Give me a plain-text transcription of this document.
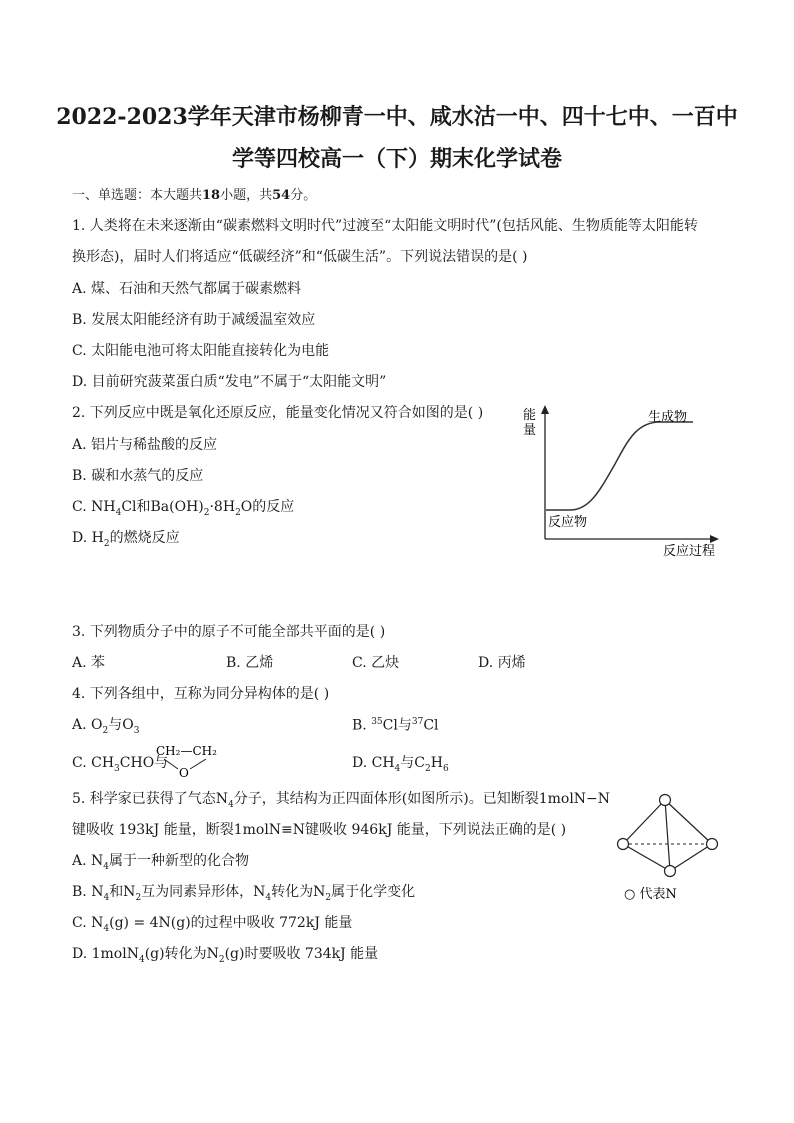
2022-2023学年天津市杨柳青一中、咸水沽一中、四十七中、一百中
学等四校高一（下）期末化学试卷
一、单选题：本大题共18小题，共54分。
1. 人类将在未来逐渐由“碳素燃料文明时代”过渡至“太阳能文明时代”(包括风能、生物质能等太阳能转
换形态)，届时人们将适应“低碳经济”和“低碳生活”。下列说法错误的是( )
A. 煤、石油和天然气都属于碳素燃料
B. 发展太阳能经济有助于减缓温室效应
C. 太阳能电池可将太阳能直接转化为电能
D. 目前研究菠菜蛋白质“发电”不属于“太阳能文明”
2. 下列反应中既是氧化还原反应，能量变化情况又符合如图的是( )
A. 铝片与稀盐酸的反应
B. 碳和水蒸气的反应
C. $NH_4Cl$和$Ba(OH)_2\cdot 8H_2O$的反应
D. $H_2$的燃烧反应
能
量
生成物
反应物
反应过程
3. 下列物质分子中的原子不可能全部共平面的是( )
A. 苯	B. 乙烯	C. 乙炔	D. 丙烯
4. 下列各组中，互称为同分异构体的是( )
A. $O_2$与$O_3$	B. $^{35}$Cl与$^{37}$Cl
C. $CH_3CHO$与
CH₂—CH₂
O
D. $CH_4$与$C_2H_6$
5. 科学家已获得了气态$N_4$分子，其结构为正四面体形(如图所示)。已知断裂1molN−N
键吸收 193kJ 能量，断裂1molN≡N键吸收 946kJ 能量，下列说法正确的是( )
A. $N_4$属于一种新型的化合物
B. $N_4$和$N_2$互为同素异形体，$N_4$转化为$N_2$属于化学变化
C. $N_4(g) = 4N(g)$的过程中吸收 772kJ 能量
D. 1molN$_4$(g)转化为$N_2(g)$时要吸收 734kJ 能量
○ 代表N
